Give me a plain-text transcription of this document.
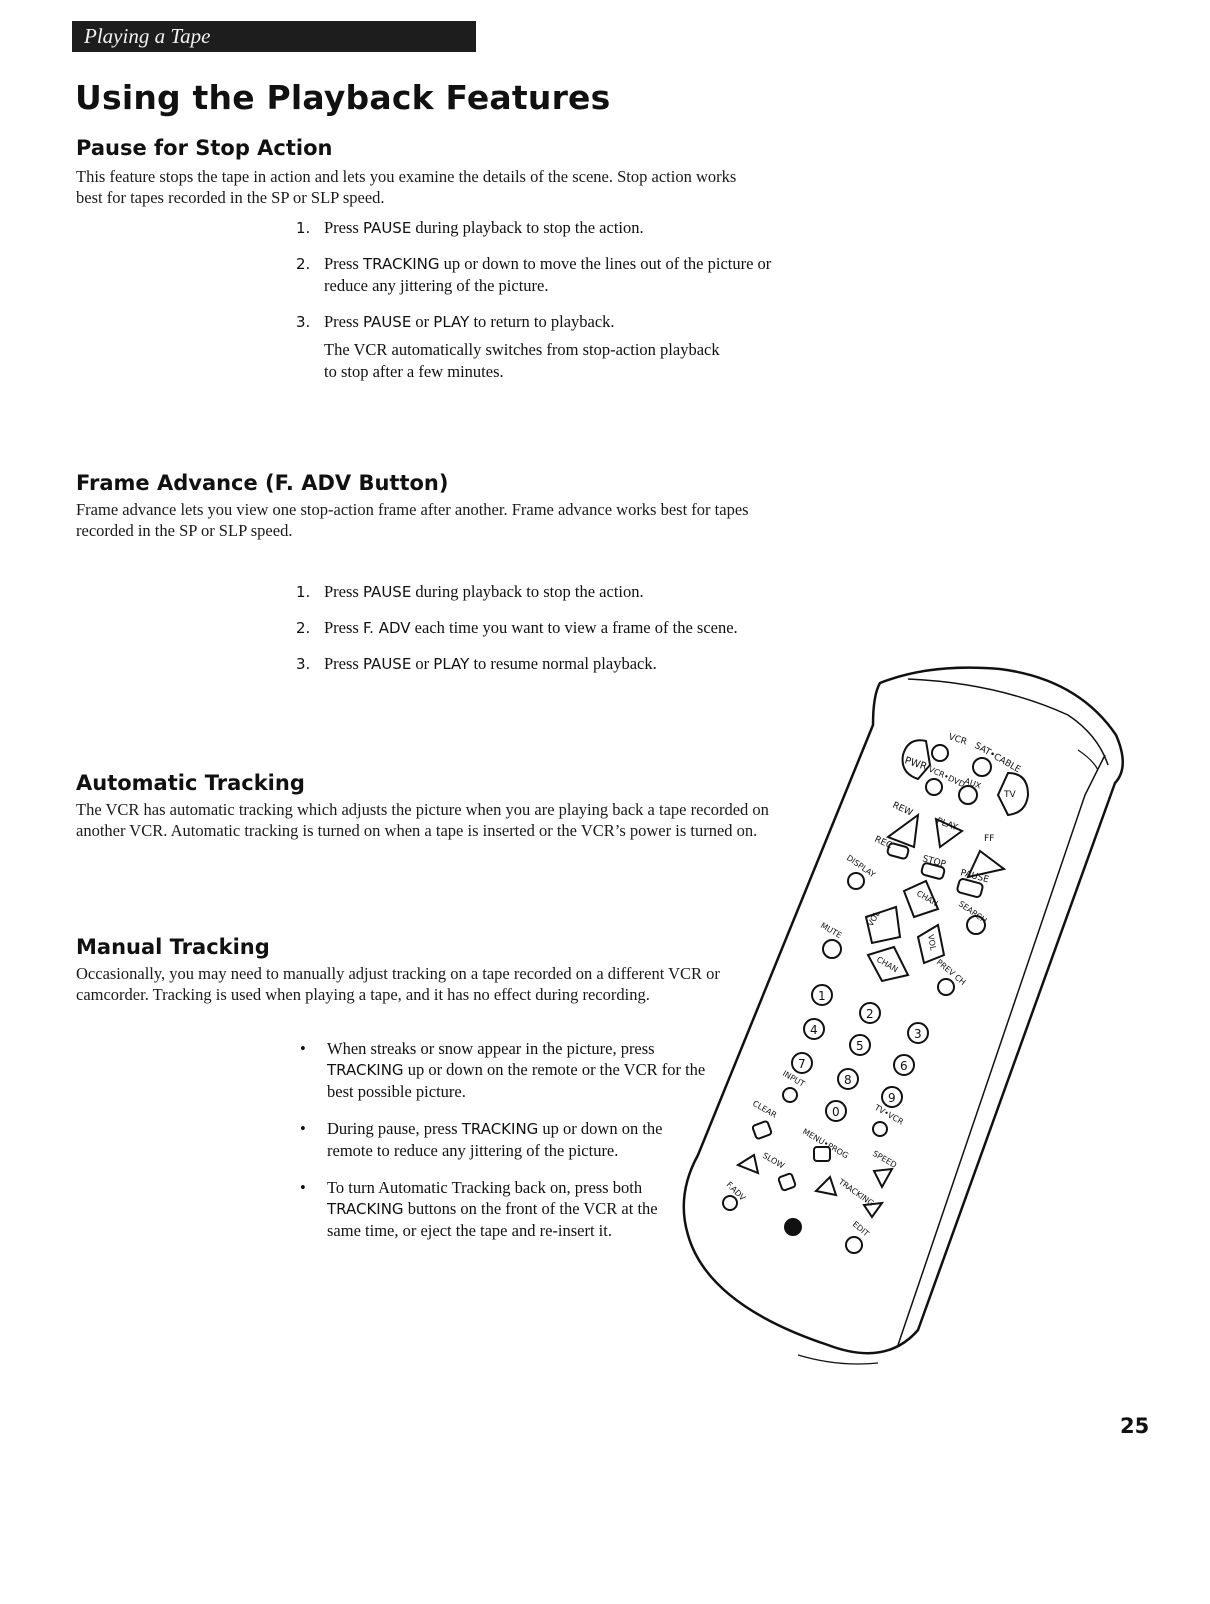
Playing a Tape
Using the Playback Features
Pause for Stop Action

This feature stops the tape in action and lets you examine the details of the scene. Stop action works best for tapes recorded in the SP or SLP speed.

1. Press PAUSE during playback to stop the action.
2. Press TRACKING up or down to move the lines out of the picture or reduce any jittering of the picture.
3. Press PAUSE or PLAY to return to playback.
The VCR automatically switches from stop-action playback to stop after a few minutes.
Frame Advance (F. ADV Button)

Frame advance lets you view one stop-action frame after another. Frame advance works best for tapes recorded in the SP or SLP speed.

1. Press PAUSE during playback to stop the action.
2. Press F. ADV each time you want to view a frame of the scene.
3. Press PAUSE or PLAY to resume normal playback.
Automatic Tracking

The VCR has automatic tracking which adjusts the picture when you are playing back a tape recorded on another VCR. Automatic tracking is turned on when a tape is inserted or the VCR’s power is turned on.

Manual Tracking

Occasionally, you may need to manually adjust tracking on a tape recorded on a different VCR or camcorder. Tracking is used when playing a tape, and it has no effect during recording.

• When streaks or snow appear in the picture, press TRACKING up or down on the remote or the VCR for the best possible picture.
• During pause, press TRACKING up or down on the remote to reduce any jittering of the picture.
• To turn Automatic Tracking back on, press both TRACKING buttons on the front of the VCR at the same time, or eject the tape and re-insert it.
PWR
VCR
SAT•CABLE
VCR•DVD
AUX
TV
REW
PLAY
FF
REC
STOP
PAUSE
DISPLAY
CHAN
VOL
VOL
CHAN
SEARCH
MUTE
PREV CH
1
2
3
4
5
6
7
8
9
0
INPUT
TV•VCR
CLEAR
MENU•PROG
SLOW
TRACKING
SPEED
F.ADV
EDIT
25
